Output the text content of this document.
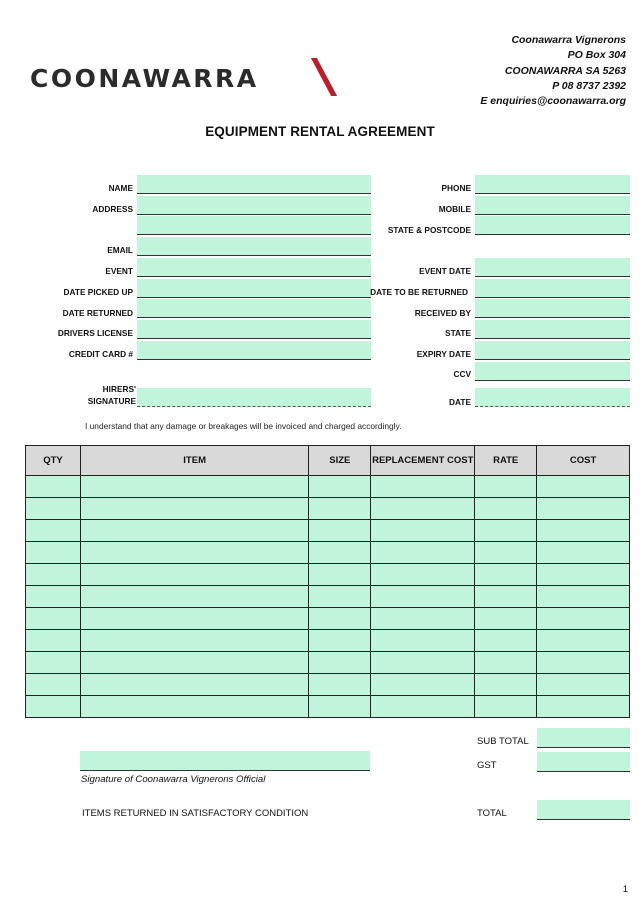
COONAWARRA
Coonawarra Vignerons
PO Box 304
COONAWARRA SA 5263
P 08 8737 2392
E enquiries@coonawarra.org
EQUIPMENT RENTAL AGREEMENT
NAME
ADDRESS
EMAIL
EVENT
DATE PICKED UP
DATE RETURNED
DRIVERS LICENSE
CREDIT CARD #
HIRERS'
SIGNATURE
PHONE
MOBILE
STATE & POSTCODE
EVENT DATE
DATE TO BE RETURNED
RECEIVED BY
STATE
EXPIRY DATE
CCV
DATE
I understand that any damage or breakages will be invoiced and charged accordingly.
QTY	ITEM	SIZE	REPLACEMENT COST	RATE	COST

SUB TOTAL
GST
TOTAL
Signature of Coonawarra Vignerons Official
ITEMS RETURNED IN SATISFACTORY CONDITION
1
